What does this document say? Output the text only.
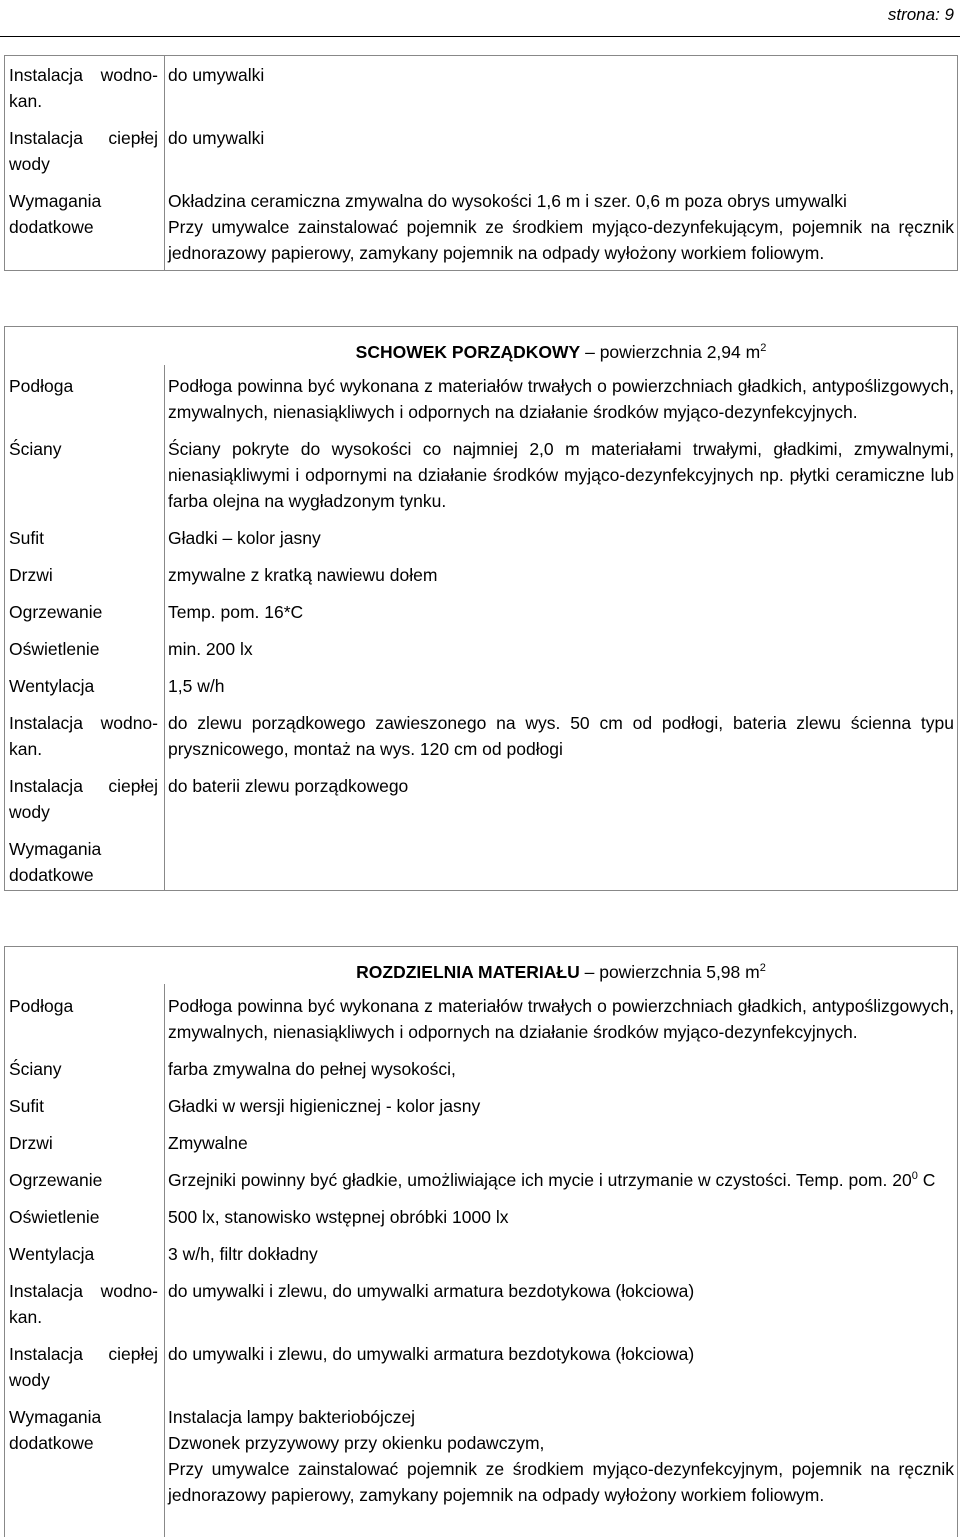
strona: 9
Instalacja wodno-kan.	do umywalki
Instalacja ciepłej wody	do umywalki
Wymagania dodatkowe	Okładzina ceramiczna zmywalna do wysokości 1,6 m i szer. 0,6 m poza obrys umywalki
Przy umywalce zainstalować pojemnik ze środkiem myjąco-dezynfekującym, pojemnik na ręcznik jednorazowy papierowy, zamykany pojemnik na odpady wyłożony workiem foliowym.
	SCHOWEK PORZĄDKOWY – powierzchnia 2,94 $m^2$
Podłoga	Podłoga powinna być wykonana z materiałów trwałych o powierzchniach gładkich, antypoślizgowych, zmywalnych, nienasiąkliwych i odpornych na działanie środków myjąco-dezynfekcyjnych.
Ściany	Ściany pokryte do wysokości co najmniej 2,0 m materiałami trwałymi, gładkimi, zmywalnymi, nienasiąkliwymi i odpornymi na działanie środków myjąco-dezynfekcyjnych np. płytki ceramiczne lub farba olejna na wygładzonym tynku.
Sufit	Gładki – kolor jasny
Drzwi	zmywalne z kratką nawiewu dołem
Ogrzewanie	Temp. pom. 16*C
Oświetlenie	min. 200 lx
Wentylacja	1,5 w/h
Instalacja wodno-kan.	do zlewu porządkowego zawieszonego na wys. 50 cm od podłogi, bateria zlewu ścienna typu prysznicowego, montaż na wys. 120 cm od podłogi
Instalacja ciepłej wody	do baterii zlewu porządkowego
Wymagania dodatkowe	
	ROZDZIELNIA MATERIAŁU – powierzchnia 5,98 $m^2$
Podłoga	Podłoga powinna być wykonana z materiałów trwałych o powierzchniach gładkich, antypoślizgowych, zmywalnych, nienasiąkliwych i odpornych na działanie środków myjąco-dezynfekcyjnych.
Ściany	farba zmywalna do pełnej wysokości,
Sufit	Gładki w wersji higienicznej - kolor jasny
Drzwi	Zmywalne
Ogrzewanie	Grzejniki powinny być gładkie, umożliwiające ich mycie i utrzymanie w czystości. Temp. pom. $20^0$ C
Oświetlenie	500 lx, stanowisko wstępnej obróbki 1000 lx
Wentylacja	3 w/h, filtr dokładny
Instalacja wodno-kan.	do umywalki i zlewu, do umywalki armatura bezdotykowa (łokciowa)
Instalacja ciepłej wody	do umywalki i zlewu, do umywalki armatura bezdotykowa (łokciowa)
Wymagania dodatkowe	Instalacja lampy bakteriobójczej
Dzwonek przyzywowy przy okienku podawczym,
Przy umywalce zainstalować pojemnik ze środkiem myjąco-dezynfekcyjnym, pojemnik na ręcznik jednorazowy papierowy, zamykany pojemnik na odpady wyłożony workiem foliowym.
